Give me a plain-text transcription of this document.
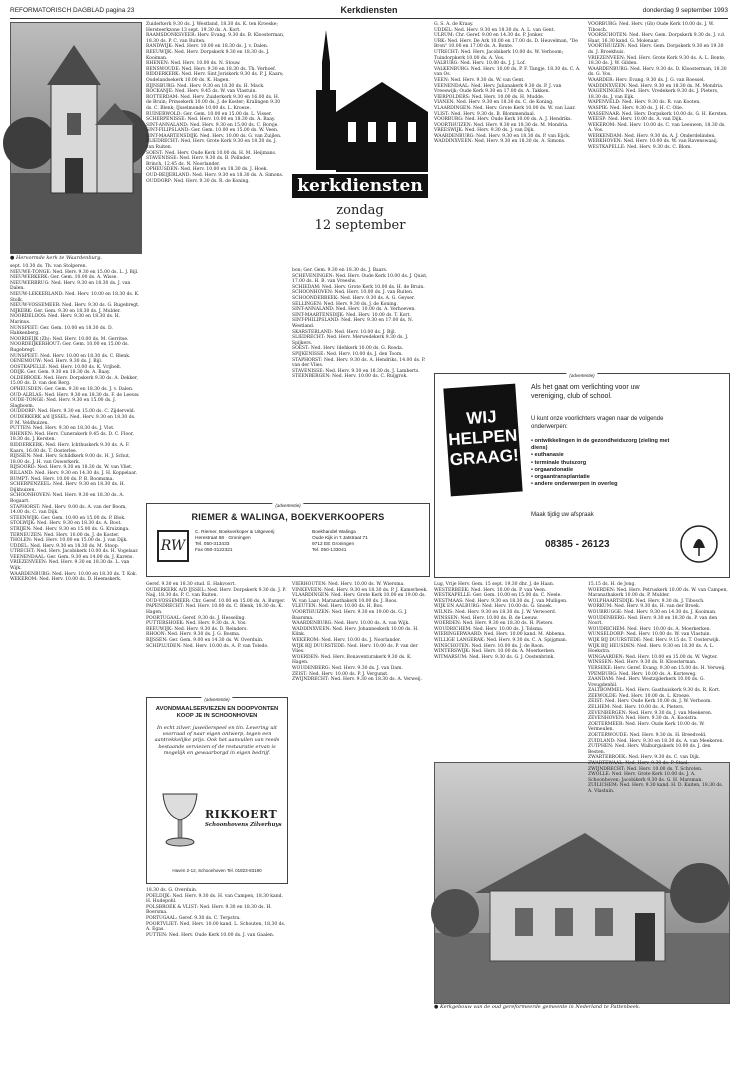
REFORMATORISCH DAGBLAD pagina 23	Kerkdiensten	donderdag 9 september 1993
● Hervormde kerk te Waardenburg.

sept. 10.30 ds. Th. van Stolperen.
NIEUWE-TONGE: Ned. Herv. 9.30 en 15.00 ds. L. J. Bijl.
NIEUWERKERK: Ger. Gem. 10.00 ds. A. Wisse.
NIEUWERBRUG: Ned. Herv. 9.30 en 18.30 ds. J. van Dalen.
NIEUW-LEKKERLAND: Ned. Herv. 10.00 en 18.30 ds. K. Stolk.
NIEUW-VOSSEMEER: Ned. Herv. 9.30 ds. G. Rugebregt.
NIJKERK: Ger. Gem. 9.30 en 18.30 ds. J. Mulder.
NOORDELOOS: Ned. Herv. 9.30 en 18.30 ds. H. Marinus.
NUNSPEET: Ger. Gem. 10.00 en 18.30 ds. D. Hakkenberg.
NOORDEIJK (Zh): Ned. Herv. 10.00 ds. M. Gerritse.
NOORDEIJKERHOUT: Ger. Gem. 10.00 en 15.00 ds. Rugebregt.
NUNSPEET: Ned. Herv. 10.00 en 18.30 ds. C. Blenk.
OENEMOUW: Ned. Herv. 9.30 ds. J. Bijl.
OOSTKAPELLE: Ned. Herv. 10.00 ds. K. Vrijbelt.
ODIJK: Ger. Gem. 9.30 en 18.30 ds. A. Baay.
OLDEBROEK: Ned. Herv. Dorpskerk 9.30 ds. A. Dekker, 15.00 ds. D. van den Berg.
OPHEUSDEN: Ger. Gem. 9.30 en 18.30 ds. J. v. Dalen.
OUD-ALBLAS: Ned. Herv. 9.30 en 18.30 ds. F. de Leeuw.
OUDE-TONGE: Ned. Herv. 9.30 en 15.00 ds. J. Slagboom.
OUDDORP: Ned. Herv. 9.30 en 15.00 ds. C. Zijderveld.
OUDERKERK a/d IJSSEL: Ned. Herv. 9.30 en 18.30 ds. P. M. Veldhuizen.
PUTTEN: Ned. Herv. 9.30 en 18.30 ds. J. Vlot.
RHENEN: Ned. Herv. Cunerakerk 9.45 ds. D. C. Floor, 18.30 ds. J. Kersten.
RIDDERKERK: Ned. Herv. Ichthuskerk 9.30 ds. A. F. Kaars, 16.00 ds. T. Oosterlee.
RIJSSEN: Ned. Herv. Schildkerk 9.00 ds. H. J. Schut, 18.00 ds. J. H. van Ouwerkerk.
RIJSOORD: Ned. Herv. 9.30 en 18.30 ds. W. van Vliet.
RILLAND: Ned. Herv. 9.30 en 14.30 ds. J. H. Koppelaar.
RUMPT: Ned. Herv. 10.00 ds. P. B. Boomsma.
SCHERPENZEEL: Ned. Herv. 9.30 en 18.30 ds. H. Dijkhuizen.
SCHOONHOVEN: Ned. Herv. 9.30 en 18.30 ds. A. Bogaart.
STAPHORST: Ned. Herv. 9.00 ds. A. van der Boom, 14.00 ds. C. van Dijk.
STEENWIJK: Ger. Gem. 10.00 en 15.00 ds. P. Blok.
STOLWIJK: Ned. Herv. 9.30 en 18.30 ds. A. Boot.
STRIJEN: Ned. Herv. 9.30 en 15.00 ds. G. Kruizinga.
TERNEUZEN: Ned. Herv. 10.00 ds. J. de Koster.
THOLEN: Ned. Herv. 10.00 en 15.00 ds. J. van Dijk.
UDDEL: Ned. Herv. 9.30 en 18.30 ds. M. Stoop.
UTRECHT: Ned. Herv. Jacobikerk 10.00 ds. H. Vogelaar.
VEENENDAAL: Ger. Gem. 9.30 en 14.00 ds. J. Karens.
VRIEZENVEEN: Ned. Herv. 9.30 en 18.30 ds. L. van Wijk.
WAARDENBURG: Ned. Herv. 10.00 en 18.30 ds. T. Kok.
WEKEROM: Ned. Herv. 10.00 ds. D. Heemskerk.

Zuiderkerk 9.30 ds. J. Westland, 18.30 ds. K. ten Kroeske; Hersteerkzone 13 sept. 19.30 ds. A. Kort.
RAAMSDONKSVEER: Herv. Evang. 9.30 ds. B. Kloosterman, 18.30 ds. P. C. van Ruiten.
RANDWIJK: Ned. Herv. 10.00 en 18.30 ds. J. v. Dalen.
REEUWIJK: Ned. Herv. Dorpskerk 9.30 en 18.30 ds. J. Kooiman.
RHENEN: Ned. Herv. 10.00 ds. N. Stouw.
RENSWOUDE: Ned. Herv. 9.30 en 18.30 ds. Th. Verhoef.
RIDDERKERK: Ned. Herv. Sint Joriskerk 9.30 ds. P. J. Kaars; Oudelandsekerk 10.00 ds. K. Hagen.
RIJNSBURG: Ned. Herv. 9.30 en 18.30 ds. H. Mack.
ROCKANJE: Ned. Herv. 9.45 ds. W. van Vlastuin.
ROTTERDAM: Ned. Herv. Zuiderkerk 9.30 en 16.00 ds. H. de Bruin; Prinsekerk 10.00 ds. J. de Koster; Kralingen 9.30 ds. C. Blenk; IJsselmonde 10.00 ds. L. Kroeze.
RUINERWOLD: Ger. Gem. 10.00 en 15.00 ds. L. Visser.
SCHERPENISSE: Ned. Herv. 10.00 en 18.30 ds. A. Baay.
SINT-ANNALAND: Ned. Herv. 9.30 en 15.00 ds. C. Borsje.
SINT-FILIPSLAND: Ger. Gem. 10.00 en 15.00 ds. W. Veen.
SINT-MAARTENSDIJK: Ned. Herv. 10.00 ds. G. van Zuijlen.
SLIEDRECHT: Ned. Herv. Grote Kerk 9.30 en 18.30 ds. J. van Ruiten.
SOEST: Ned. Herv. Oude Kerk 10.00 ds. H. M. Heijmans.
STAVENISSE: Ned. Herv. 9.30 ds. B. Polinder.
Brinch, 12.45 ds. N. Noorlander.
OPHEUSDEN: Ned. Herv. 10.00 en 18.30 ds. J. Hoek.
OUD-BEIJERLAND: Ned. Herv. 9.30 en 18.30 ds. A. Simons.
OUDDORP: Ned. Herv. 9.30 ds. R. de Koning.

(advertentie)
RIEMER & WALINGA, BOEKVERKOOPERS
RW
C. Riemer, Boekverkoper & Uitgeverij
Herestraat 68 · Groningen
Tel. 050-313433
Fax 050-3122321
Boekhandel Walinga
Oude Kijk in 't Jatstraat 71
9712 EE Groningen
Tel. 050-133041

Geref. 9.30 en 18.30 stud. E. Hakvoort.
OUDERKERK A/D IJSSEL: Ned. Herv. Dorpskerk 9.30 ds. J. P. Naij, 18.30 ds. P. C. van Ruiten.
OUD-VOSSEMEER: Chr. Geref. 10.00 en 15.00 ds. A. Burger.
PAPENDRECHT: Ned. Herv. 10.00 ds. C. Blenk, 18.30 ds. K. Hagen.
POORTUGAAL: Geref. 9.30 ds. J. Hesseling.
PUTTERSHOEK: Ned. Herv. 9.30 ds. A. Vos.
REEUWIJK: Ned. Herv. 9.30 ds. D. Reinders.
RHOON: Ned. Herv. 9.30 ds. J. G. Bosma.
RIJSSEN: Ger. Gem. 9.00 en 14.30 ds. W. Overduin.
SCHIPLUIDEN: Ned. Herv. 10.00 ds. A. P. van Toledo.

(advertentie)
AVONDMAALSERVIEZEN EN DOOPVONTEN
KOOP JE IN SCHOONHOVEN
In echt zilver, juwelierspeel en tin. Levering uit voorraad of naar eigen ontwerp, tegen een aantrekkelijke prijs. Ook het aanvullen van reeds bestaande serviezen of de restauratie ervan is mogelijk en gewaarborgd in eigen bedrijf.
RIKKOERT
Schoonhovens Zilverhuys
Haven 2-12, Schoonhoven Tel. 01823-83190

18.30 ds. G. Overduin.
POELDIJK: Ned. Herv. 9.30 ds. H. van Campen, 18.30 kand. H. Hudepohl.
POLSBROEK & VLIST: Ned. Herv. 9.30 en 18.30 ds. H. Boersma.
PORTUGAAL: Geref. 9.30 ds. C. Terpstra.
POORTVLIET: Ned. Herv. 10.00 kand. L. Schouten, 18.30 ds. A. Egas.
PUTTEN: Ned. Herv. Oude Kerk 10.00 ds. J. van Gaalen.

kerkdiensten
zondag
12 september

bon; Ger. Gem. 9.30 en 18.30 ds. J. Baars.
SCHEVENINGEN: Ned. Herv. Oude Kerk 10.00 ds. J. Quist, 17.00 ds. H. B. van Vreeslw.
SCHIEDAM: Ned. Herv. Grote Kerk 10.00 ds. H. de Bruin.
SCHOONHOVEN: Ned. Herv. 10.00 ds. J. van Ruiten.
SCHOONDERBEEK: Ned. Herv. 9.30 ds. A. G. Geyser.
SELLINGEN: Ned. Herv. 9.30 ds. J. de Koning.
SINT-ANNALAND: Ned. Herv. 10.00 ds. A. Verhoeven.
SINT-MAARTENSDIJK: Ned. Herv. 10.00 ds. T. Kort.
SINT-PHILIPSLAND: Ned. Herv. 9.30 en 17.00 ds. N. Westland.
SKARSTERLAND: Ned. Herv. 10.00 ds. J. Bijl.
SLIEDRECHT: Ned. Herv. Merwedekerk 9.30 ds. J. Spijkers.
SOEST: Ned. Herv. Idehkerk 10.00 ds. G. Rooda.
SPIJKENISSE: Ned. Herv. 10.00 ds. J. den Toom.
STAPHORST: Ned. Herv. 9.30 ds. A. Hendriks, 14.00 ds. P. van der Vlies.
STAVENISSE: Ned. Herv. 9.30 en 18.30 ds. J. Lamberts.
STEENBERGEN: Ned. Herv. 10.00 ds. C. Ruijgrok.

VIERHOUTEN: Ned. Herv. 10.00 ds. W. Wiersma.
VINKEVEEN: Ned. Herv. 9.30 en 18.30 ds. P. J. Kamerbeek.
VLAARDINGEN: Ned. Herv. Grote Kerk 10.00 en 19.00 ds. W. van Laar; Maranathakerk 10.00 ds. J. Roos.
VLEUTEN: Ned. Herv. 10.00 ds. H. Bos.
VOORTHUIZEN: Ned. Herv. 9.30 en 19.00 ds. G. J. Baarsma.
WAARDENBURG: Ned. Herv. 10.00 ds. A. van Wijk.
WADDINXVEEN: Ned. Herv. Johanneskerk 10.00 ds. H. Klink.
WEKEROM: Ned. Herv. 10.00 ds. J. Noorlander.
WIJK BIJ DUURSTEDE: Ned. Herv. 10.00 ds. P. van der Vlies.
WOERDEN: Ned. Herv. Bonaventurakerk 9.30 ds. K. Hagen.
WOUDENBERG: Ned. Herv. 9.30 ds. J. van Dam.
ZEIST: Ned. Herv. 10.00 ds. P. J. Vergunst.
ZWIJNDRECHT: Ned. Herv. 9.30 en 18.30 ds. A. Verweij.

G. S. A. de Kraay.
UDDEL: Ned. Herv. 9.30 en 18.30 ds. A. L. van Gent.
ULRUM: Chr. Geref. 9.00 en 14.30 ds. P. Jonker.
URK: Ned. Herv. De Ark 10.00 en 17.00 ds. D. Heuvelman, "De Bron" 10.00 en 17.00 ds. A. Bonte.
UTRECHT: Ned. Herv. Jacobikerk 10.00 ds. W. Verboom; Tuindorpkerk 10.00 ds. A. Vos.
VALBURG: Ned. Herv. 10.00 ds. J. J. Lof.
VALKENBURG: Ned. Herv. 10.00 ds. P. F. Tangje, 18.30 ds. C. A. van Os.
VEEN: Ned. Herv. 9.30 ds. W. van Gent.
VEENENDAAL: Ned. Herv. Julianakerk 9.30 ds. P. J. van Vreeswijk; Oude Kerk 9.30 en 17.00 ds. A. Takken.
VIERPOLDERS: Ned. Herv. 10.00 ds. H. Mudde.
VIANEN: Ned. Herv. 9.30 en 18.30 ds. C. de Koning.
VLAARDINGEN: Ned. Herv. Grote Kerk 10.00 ds. W. van Laar.
VLIST: Ned. Herv. 9.30 ds. B. Blommendaal.
VOORBURG: Ned. Herv. Oude Kerk 10.00 ds. A. J. Hendriks.
VOORTHUIZEN: Ned. Herv. 9.30 en 18.30 ds. M. Mondria.
VREESWIJK: Ned. Herv. 9.30 ds. J. van Dijk.
WAARDENBURG: Ned. Herv. 9.30 en 18.30 ds. P. van Eijck.
WADDINXVEEN: Ned. Herv. 9.30 en 18.30 ds. A. Simons.

(advertentie)
WIJ
HELPEN
GRAAG!
Als het gaat om verlichting voor uw vereniging, club of school.
U kunt onze voorlichters vragen naar de volgende onderwerpen:
• ontwikkelingen in de gezondheidszorg (zieling met diens)
• euthanasie
• terminale thuiszorg
• orgaandonatie
• orgaantransplantatie
• andere onderwerpen in overleg
Maak tijdig uw afspraak
08385 - 26123

Lug, Vrije Herv. Gem. 15 sept. 19.30 dhr. J. de Haan.
WESTERBEEK: Ned. Herv. 10.00 ds. P. van Veen.
WESTKAPELLE: Ger. Gem. 10.00 en 15.00 ds. C. Neele.
WESTMAAS: Ned. Herv. 9.30 en 18.30 ds. J. van Mulligen.
WIJK EN AALBURG: Ned. Herv. 10.00 ds. G. Snoek.
WILNIS: Ned. Herv. 9.30 en 18.30 ds. J. W. Verwoerd.
WINSSEN: Ned. Herv. 10.00 ds. B. de Leeuw.
WOERDEN: Ned. Herv. 9.30 en 18.30 ds. H. Pieters.
WOUDRICHEM: Ned. Herv. 10.00 ds. J. Tolsma.
WIERINGERWAARD: Ned. Herv. 10.00 kand. M. Abbema.
WILLIGE LANGERAK: Ned. Herv. 9.30 ds. C. A. Spijgman.
WINSCHOTEN: Ned. Herv. 10.00 ds. J. de Roon.
WINTERSWIJK: Ned. Herv. 10.00 ds. A. Moerkerken.
WITMARSUM: Ned. Herv. 9.30 ds. G. J. Oostenbrink.

● Kerkgebouw van de oud gereformeerde gemeente in Nederland te Pattenbeek.

VOORBURG: Ned. Herv. (Gb) Oude Kerk 10.00 ds. J. W. Tibosch.
VOORSCHOTEN: Ned. Herv. Gem. Dorpskerk 9.30 ds. J. v.d. Haar, 16.30 kand. G. Molenaar.
VOORTHUIZEN: Ned. Herv. Gem. Dorpskerk 9.30 en 19.30 ds. J. Broekhuis.
VRIEZENVEEN: Ned. Herv. Grote Kerk 9.30 ds. A. L. Bonte, 18.30 ds. J. W. Gilden.
WAARDENBURG: Ned. Herv. 9.30 ds. D. Kloosterman, 18.30 ds. G. Vos.
WAARDER: Herv. Evang. 9.30 ds. J. G. van Roessel.
WADDINXVEEN: Ned. Herv. 9.30 en 18.30 ds. M. Mondria.
WAGENINGEN: Ned. Herv. Vredekerk 9.30 ds. J. Pieters, 18.30 ds. J. van Eijk.
WAPENVELD: Ned. Herv. 9.30 ds. R. van Kooten.
WASPIK: Ned. Herv. 9.30 ds. J. H. C. Olie.
WASSENAAR: Ned. Herv. Dorpskerk 10.00 ds. G. H. Kersten.
WEESP: Ned. Herv. 10.00 ds. A. van Dijk.
WEKEROM: Ned. Herv. 10.00 ds. C. van Leeuwen, 18.30 ds. A. Vos.
WERKENDAM: Ned. Herv. 9.30 ds. A. J. Onderdelinden.
WERKHOVEN: Ned. Herv. 10.00 ds. W. van Ravenswaaij.
WESTKAPELLE: Ned. Herv. 9.30 ds. C. Blom.

15.15 ds. H. de Jong.
WOERDEN: Ned. Herv. Petruskerk 10.00 ds. W. van Campen, Maranathakerk 10.00 ds. P. Mulder.
WOLPHAARTSDIJK: Ned. Herv. 9.30 ds. J. Tibosch.
WORKUM: Ned. Herv. 9.30 ds. H. van der Broek.
WOUBRUGGE: Ned. Herv. 9.30 en 14.30 ds. J. Kooiman.
WOUDENBERG: Ned. Herv. 9.30 en 18.30 ds. P. van den Noort.
WOUDRICHEM: Ned. Herv. 10.00 ds. A. Moerkerken.
WUNSELDORP: Ned. Herv. 10.00 ds. W. van Vlastuin.
WIJK BIJ DUURSTEDE: Ned. Herv. 9.15 ds. T. Oosterwijk.
WIJK BIJ HEUSDEN: Ned. Herv. 9.30 en 18.30 ds. A. L. Hoekstra.
WINGAARDEN: Ned. Herv. 10.00 en 15.00 ds. W. Vegter.
WINSSEN: Ned. Herv. 9.30 ds. B. Kloosterman.
YERSEKE: Herv. Geref. Evang. 9.30 en 15.00 ds. H. Verweij.
YPEMBURG: Ned. Herv. 10.00 ds. A. Korteweg.
ZAANDAM: Ned. Herv. Westzijderkerk 10.00 ds. G. Vreugdenhil.
ZALTBOMMEL: Ned. Herv. Gasthuiskerk 9.30 ds. R. Kort.
ZEEWOLDE: Ned. Herv. 10.00 ds. L. Kroeze.
ZEIST: Ned. Herv. Oude Kerk 10.00 ds. J. W. Verboom.
ZELHEM: Ned. Herv. 10.00 ds. A. Pieters.
ZEVENBERGEN: Ned. Herv. 9.30 ds. J. van Meekeren.
ZEVENHOVEN: Ned. Herv. 9.30 ds. A. Kooistra.
ZOETERMEER: Ned. Herv. Oude Kerk 10.00 ds. W. Vermeulen.
ZOETERWOUDE: Ned. Herv. 9.30 ds. H. Breedveld.
ZUIDLAND: Ned. Herv. 9.30 en 18.30 ds. A. van Meekeren.
ZUTPHEN: Ned. Herv. Walburgiskerk 10.00 ds. J. den Besten.
ZWARTEBROEK: Ned. Herv. 9.30 ds. C. van Dijk.
ZWARTEWAAL: Ned. Herv. 9.30 ds. P. Staal.
ZWIJNDRECHT: Ned. Herv. 10.00 ds. T. Schroten.
ZWOLLE: Ned. Herv. Grote Kerk 10.00 ds. J. A. Schoonhoven; Jacobikerk 9.30 ds. G. H. Marsman.
ZUILICHEM: Ned. Herv. 9.30 kand. H. D. Kuiten, 18.30 ds. A. Vlastuin.
